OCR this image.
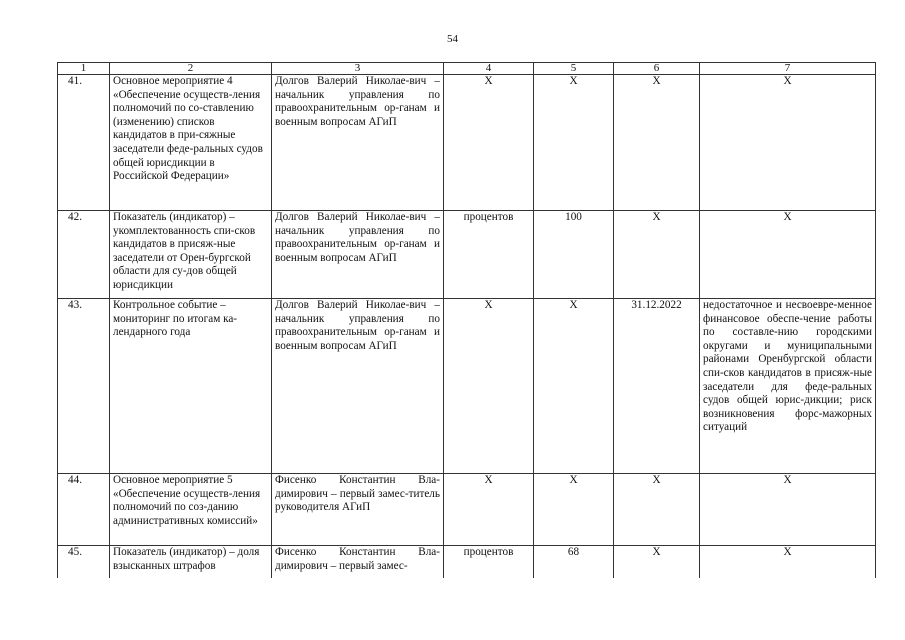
54
1	2	3	4	5	6	7
41.	Основное мероприятие 4 «Обеспечение осуществ-ления полномочий по со-ставлению (изменению) списков кандидатов в при-сяжные заседатели феде-ральных судов общей юрисдикции в Российской Федерации»	Долгов Валерий Николае-вич – начальник управления по правоохранительным ор-ганам и военным вопросам АГиП	Х	Х	Х	Х
42.	Показатель (индикатор) – укомплектованность спи-сков кандидатов в присяж-ные заседатели от Орен-бургской области для су-дов общей юрисдикции	Долгов Валерий Николае-вич – начальник управления по правоохранительным ор-ганам и военным вопросам АГиП	процентов	100	Х	Х
43.	Контрольное событие – мониторинг по итогам ка-лендарного года	Долгов Валерий Николае-вич – начальник управления по правоохранительным ор-ганам и военным вопросам АГиП	Х	Х	31.12.2022	недостаточное и несвоевре-менное финансовое обеспе-чение работы по составле-нию городскими округами и муниципальными районами Оренбургской области спи-сков кандидатов в присяж-ные заседатели для феде-ральных судов общей юрис-дикции; риск возникновения форс-мажорных ситуаций
44.	Основное мероприятие 5 «Обеспечение осуществ-ления полномочий по соз-данию административных комиссий»	Фисенко Константин Вла-димирович – первый замес-титель руководителя АГиП	Х	Х	Х	Х
45.	Показатель (индикатор) – доля взысканных штрафов	Фисенко Константин Вла-димирович – первый замес-	процентов	68	Х	Х
